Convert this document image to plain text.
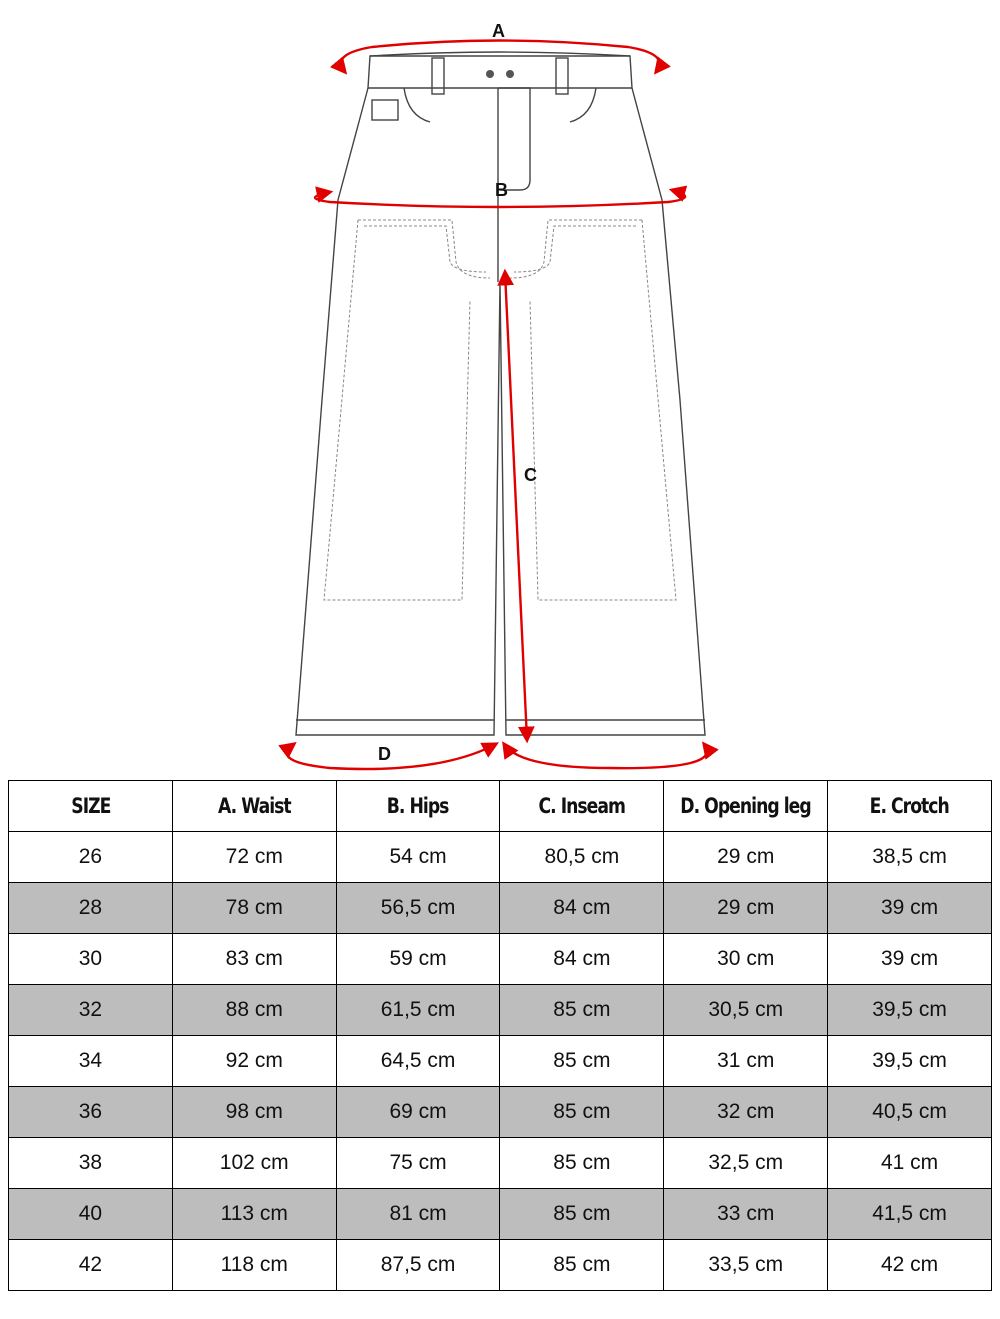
A
B
C
D
SIZE	A. Waist	B. Hips	C. Inseam	D. Opening leg	E. Crotch
26	72 cm	54 cm	80,5 cm	29 cm	38,5 cm
28	78 cm	56,5 cm	84 cm	29 cm	39 cm
30	83 cm	59 cm	84 cm	30 cm	39 cm
32	88 cm	61,5 cm	85 cm	30,5 cm	39,5 cm
34	92 cm	64,5 cm	85 cm	31 cm	39,5 cm
36	98 cm	69 cm	85 cm	32 cm	40,5 cm
38	102 cm	75 cm	85 cm	32,5 cm	41 cm
40	113 cm	81 cm	85 cm	33 cm	41,5 cm
42	118 cm	87,5 cm	85 cm	33,5 cm	42 cm
